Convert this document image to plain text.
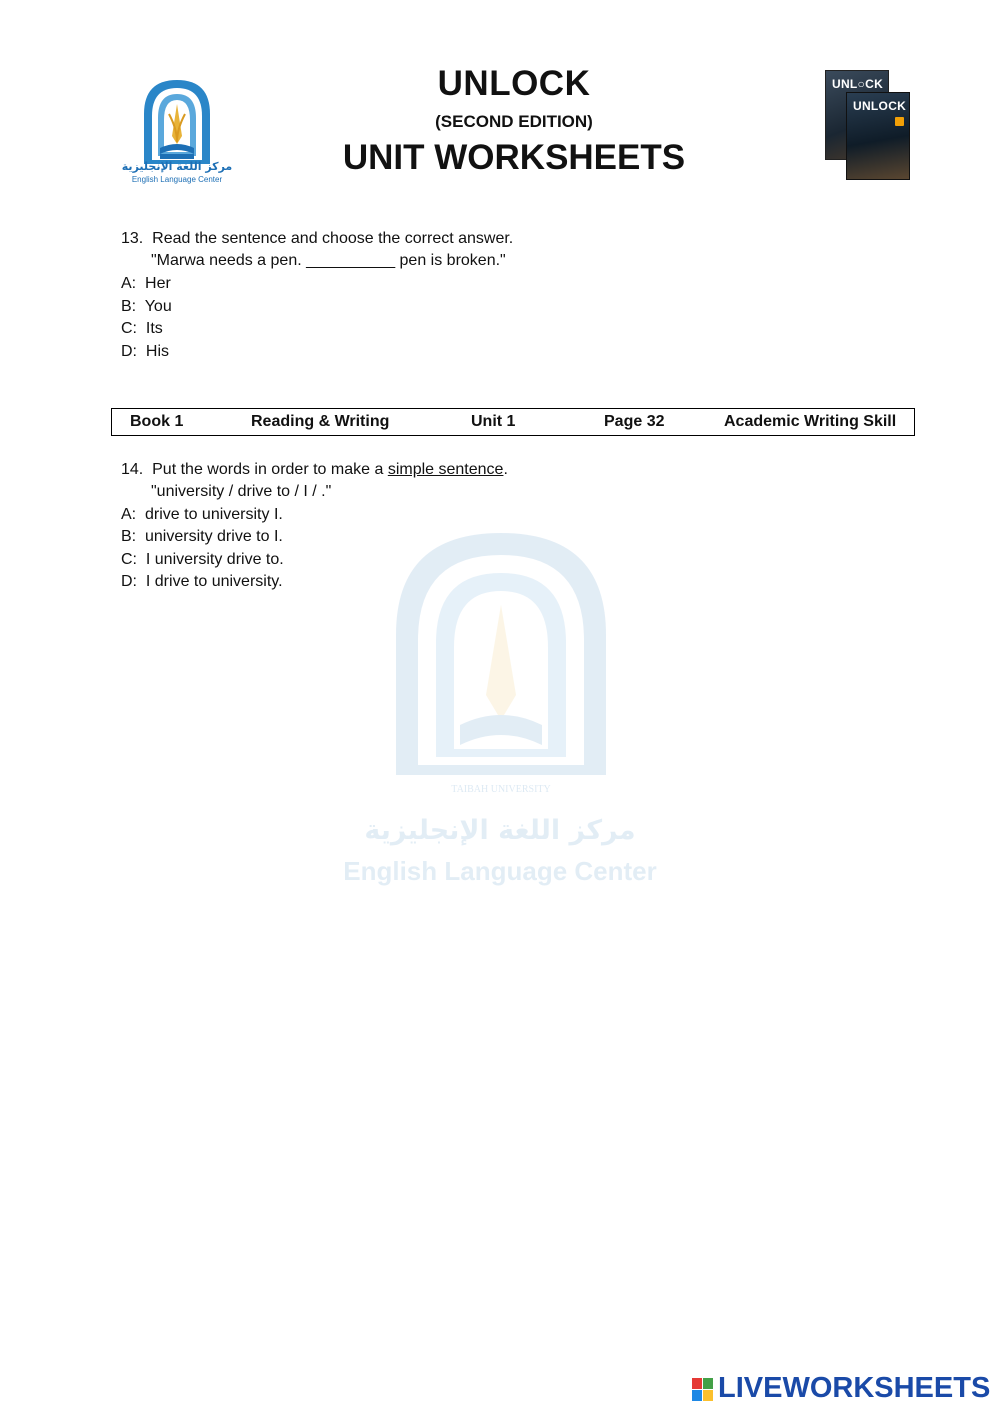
مركز اللغة الإنجليزية
English Language Center
UNLOCK
(SECOND EDITION)
UNIT WORKSHEETS
UNL○CK
UNLOCK
مركز اللغة الإنجليزية
English Language Center
TAIBAH UNIVERSITY
13.  Read the sentence and choose the correct answer.
"Marwa needs a pen. __________ pen is broken."
A:  Her
B:  You
C:  Its
D:  His
Book 1	Reading & Writing	Unit 1	Page 32	Academic Writing Skill
14.  Put the words in order to make a simple sentence.
"university / drive to / I / ."
A:  drive to university I.
B:  university drive to I.
C:  I university drive to.
D:  I drive to university.
LIVEWORKSHEETS
